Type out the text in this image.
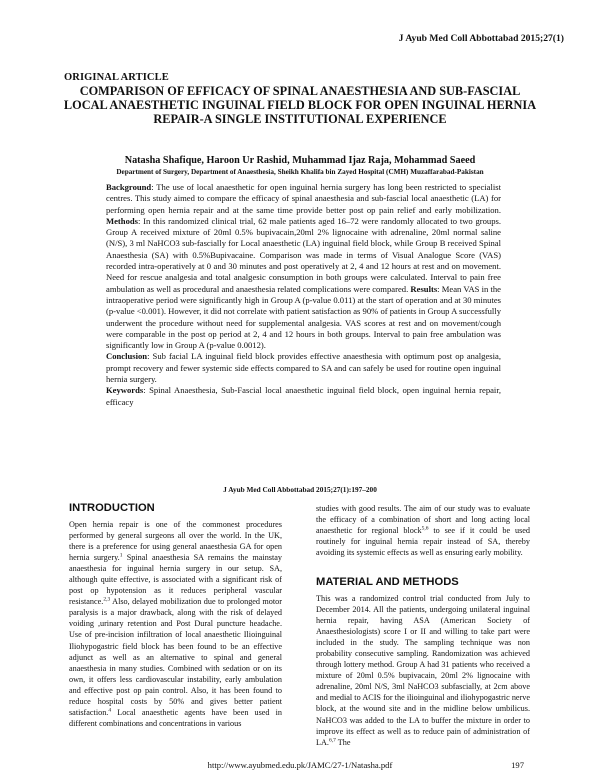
J Ayub Med Coll Abbottabad 2015;27(1)
ORIGINAL ARTICLE
COMPARISON OF EFFICACY OF SPINAL ANAESTHESIA AND SUB-FASCIAL LOCAL ANAESTHETIC INGUINAL FIELD BLOCK FOR OPEN INGUINAL HERNIA REPAIR-A SINGLE INSTITUTIONAL EXPERIENCE
Natasha Shafique, Haroon Ur Rashid, Muhammad Ijaz Raja, Mohammad Saeed
Department of Surgery, Department of Anaesthesia, Sheikh Khalifa bin Zayed Hospital (CMH) Muzaffarabad-Pakistan

Background: The use of local anaesthetic for open inguinal hernia surgery has long been restricted to specialist centres. This study aimed to compare the efficacy of spinal anaesthesia and sub-fascial local anaesthetic (LA) for performing open hernia repair and at the same time provide better post op pain relief and early mobilization. Methods: In this randomized clinical trial, 62 male patients aged 16–72 were randomly allocated to two groups. Group A received mixture of 20ml 0.5% bupivacain,20ml 2% lignocaine with adrenaline, 20ml normal saline (N/S), 3 ml NaHCO3 sub-fascially for Local anaesthetic (LA) inguinal field block, while Group B received Spinal Anaesthesia (SA) with 0.5%Bupivacaine. Comparison was made in terms of Visual Analogue Score (VAS) recorded intra-operatively at 0 and 30 minutes and post operatively at 2, 4 and 12 hours at rest and on movement. Need for rescue analgesia and total analgesic consumption in both groups were calculated. Interval to pain free ambulation as well as procedural and anaesthesia related complications were compared. Results: Mean VAS in the intraoperative period were significantly high in Group A (p-value 0.011) at the start of operation and at 30 minutes (p-value <0.001). However, it did not correlate with patient satisfaction as 90% of patients in Group A successfully underwent the procedure without need for supplemental analgesia. VAS scores at rest and on movement/cough were comparable in the post op period at 2, 4 and 12 hours in both groups. Interval to pain free ambulation was significantly low in Group A (p-value 0.0012).

Conclusion: Sub facial LA inguinal field block provides effective anaesthesia with optimum post op analgesia, prompt recovery and fewer systemic side effects compared to SA and can safely be used for routine open inguinal hernia surgery.

Keywords: Spinal Anaesthesia, Sub-Fascial local anaesthetic inguinal field block, open inguinal hernia repair, efficacy

J Ayub Med Coll Abbottabad 2015;27(1):197–200
INTRODUCTION

Open hernia repair is one of the commonest procedures performed by general surgeons all over the world. In the UK, there is a preference for using general anaesthesia GA for open hernia surgery.$^1$ Spinal anaesthesia SA remains the mainstay anaesthesia for inguinal hernia surgery in our setup. SA, although quite effective, is associated with a significant risk of post op hypotension as it reduces peripheral vascular resistance.$^{2,3}$ Also, delayed mobilization due to prolonged motor paralysis is a major drawback, along with the risk of delayed voiding ,urinary retention and Post Dural puncture headache. Use of pre-incision infiltration of local anaesthetic Ilioinguinal Iliohypogastric field block has been found to be an effective adjunct as well as an alternative to spinal and general anaesthesia in many studies. Combined with sedation or on its own, it offers less cardiovascular instability, early ambulation and effective post op pain control. Also, it has been found to reduce hospital costs by 50% and gives better patient satisfaction.$^4$ Local anaesthetic agents have been used in different combinations and concentrations in various

studies with good results. The aim of our study was to evaluate the efficacy of a combination of short and long acting local anaesthetic for regional block$^{5,6}$ to see if it could be used routinely for inguinal hernia repair instead of SA, thereby avoiding its systemic effects as well as ensuring early mobility.

MATERIAL AND METHODS

This was a randomized control trial conducted from July to December 2014. All the patients, undergoing unilateral inguinal hernia repair, having ASA (American Society of Anaesthesiologists) score I or II and willing to take part were included in the study. The sampling technique was non probability consecutive sampling. Randomization was achieved through lottery method. Group A had 31 patients who received a mixture of 20ml 0.5% bupivacain, 20ml 2% lignocaine with adrenaline, 20ml N/S, 3ml NaHCO3 subfascially, at 2cm above and medial to ACIS for the ilioinguinal and iliohypogastric nerve block, at the wound site and in the midline below umbilicus. NaHCO3 was added to the LA to buffer the mixture in order to improve its effect as well as to reduce pain of administration of LA.$^{6,7}$ The

http://www.ayubmed.edu.pk/JAMC/27-1/Natasha.pdf	197
